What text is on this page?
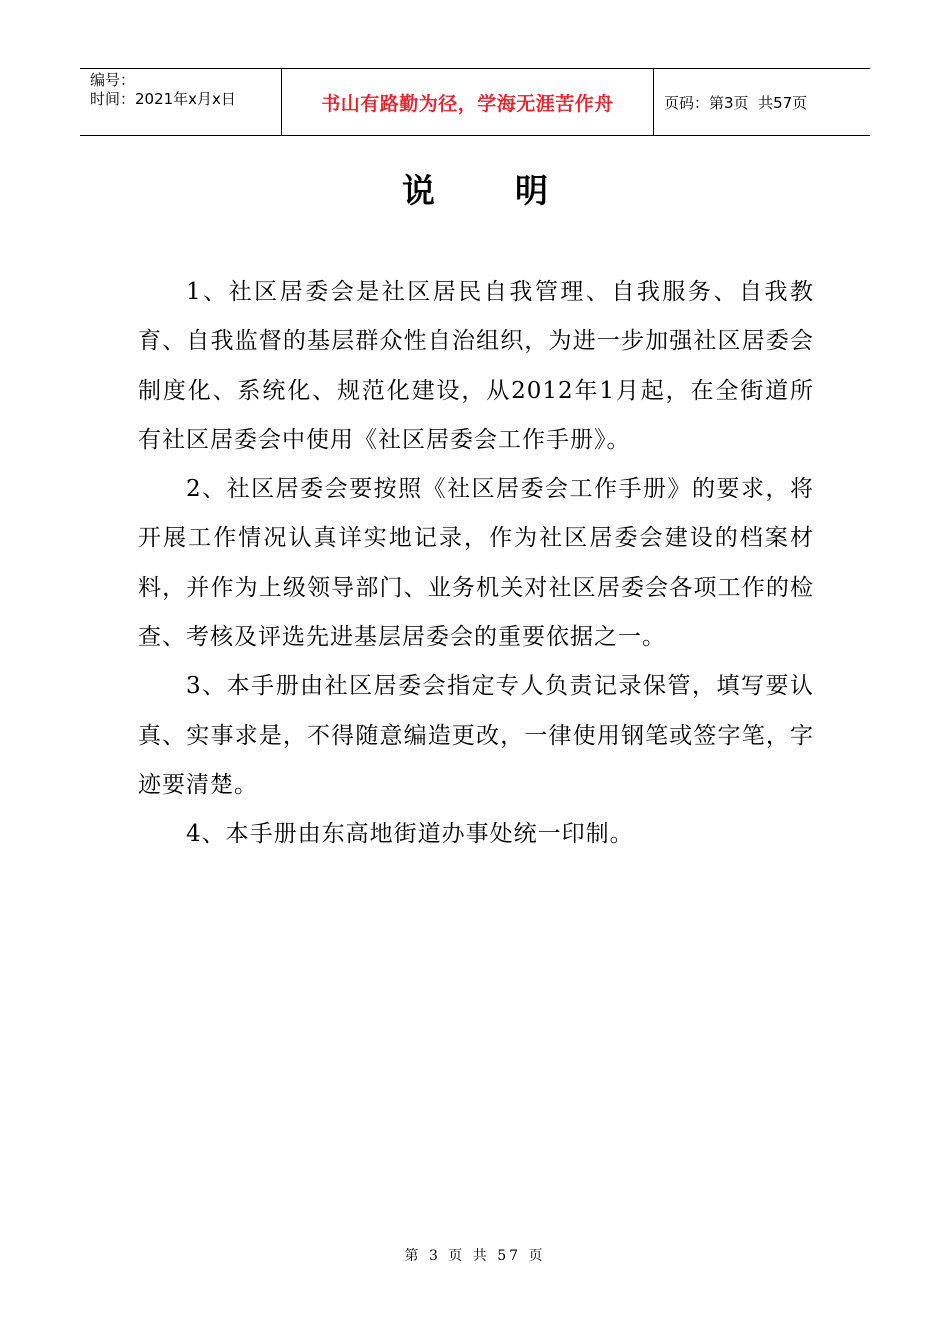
编号：
时间：2021年x月x日	书山有路勤为径，学海无涯苦作舟	页码：第3页  共57页
说明

1、社区居委会是社区居民自我管理、自我服务、自我教育、自我监督的基层群众性自治组织，为进一步加强社区居委会制度化、系统化、规范化建设，从2012年1月起，在全街道所有社区居委会中使用《社区居委会工作手册》。

2、社区居委会要按照《社区居委会工作手册》的要求，将开展工作情况认真详实地记录，作为社区居委会建设的档案材料，并作为上级领导部门、业务机关对社区居委会各项工作的检查、考核及评选先进基层居委会的重要依据之一。

3、本手册由社区居委会指定专人负责记录保管，填写要认真、实事求是，不得随意编造更改，一律使用钢笔或签字笔，字迹要清楚。

4、本手册由东高地街道办事处统一印制。

第 3 页 共 57 页
